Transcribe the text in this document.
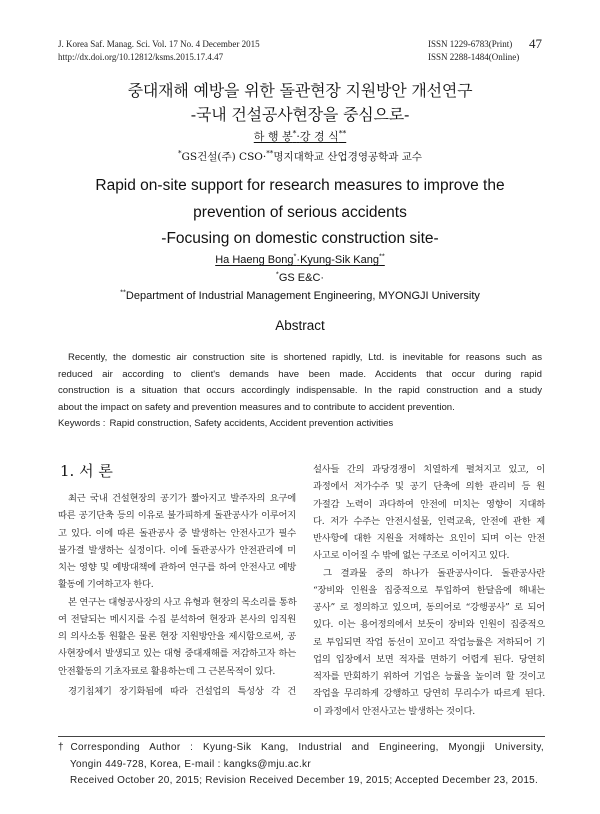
J. Korea Saf. Manag. Sci. Vol. 17 No. 4 December 2015
http://dx.doi.org/10.12812/ksms.2015.17.4.47
ISSN 1229-6783(Print)
ISSN 2288-1484(Online)
47
중대재해 예방을 위한 돌관현장 지원방안 개선연구
-국내 건설공사현장을 중심으로-
하 행 봉*·강 경 식**
*GS건설(주) CSO·**명지대학교 산업경영공학과 교수
Rapid on-site support for research measures to improve the
prevention of serious accidents
-Focusing on domestic construction site-
Ha Haeng Bong*·Kyung-Sik Kang**
*GS E&C·
**Department of Industrial Management Engineering, MYONGJI University
Abstract
Recently, the domestic air construction site is shortened rapidly, Ltd. is inevitable for reasons such as
reduced air according to client's demands have been made. Accidents that occur during rapid
construction is a situation that occurs accordingly indispensable. In the rapid construction and a study
about the impact on safety and prevention measures and to contribute to accident prevention.
Keywords : Rapid construction, Safety accidents, Accident prevention activities
1. 서 론
최근 국내 건설현장의 공기가 짧아지고 발주자의 요구에
따른 공기단축 등의 이유로 불가피하게 돌관공사가 이루어지
고 있다. 이에 따른 돌관공사 중 발생하는 안전사고가 필수
불가결 발생하는 실정이다. 이에 돌관공사가 안전관리에 미
치는 영향 및 예방대책에 관하여 연구를 하여 안전사고 예방
활동에 기여하고자 한다.
본 연구는 대형공사장의 사고 유형과 현장의 목소리를 통하
여 전달되는 메시지를 수집 분석하여 현장과 본사의 임직원
의 의사소통 원활은 물론 현장 지원방안을 제시함으로써, 공
사현장에서 발생되고 있는 대형 중대재해를 저감하고자 하는
안전활동의 기초자료로 활용하는데 그 근본목적이 있다.
경기침체기 장기화됨에 따라 건설업의 특성상 각 건
설사들 간의 과당경쟁이 치열하게 펼쳐지고 있고, 이
과정에서 저가수주 및 공기 단축에 의한 관리비 등 원
가절감 노력이 과다하여 안전에 미치는 영향이 지대하
다. 저가 수주는 안전시설물, 인력교육, 안전에 관한 제
반사항에 대한 지원을 저해하는 요인이 되며 이는 안전
사고로 이어질 수 밖에 없는 구조로 이어지고 있다.
그 결과물 중의 하나가 돌관공사이다. 돌관공사란
“장비와 인원을 집중적으로 투입하여 한달음에 해내는
공사” 로 정의하고 있으며, 동의어로 “강행공사” 로 되어
있다. 이는 용어정의에서 보듯이 장비와 인원이 집중적으
로 투입되면 작업 동선이 꼬이고 작업능률은 저하되어 기
업의 입장에서 보면 적자를 면하기 어렵게 된다. 당연히
적자를 만회하기 위하여 기업은 능률을 높이려 할 것이고
작업을 무리하게 강행하고 당연히 무리수가 따르게 된다.
이 과정에서 안전사고는 발생하는 것이다.
†Corresponding Author : Kyung-Sik Kang, Industrial and Engineering, Myongji University,
Yongin 449-728, Korea, E-mail : kangks@mju.ac.kr
Received October 20, 2015; Revision Received December 19, 2015; Accepted December 23, 2015.
